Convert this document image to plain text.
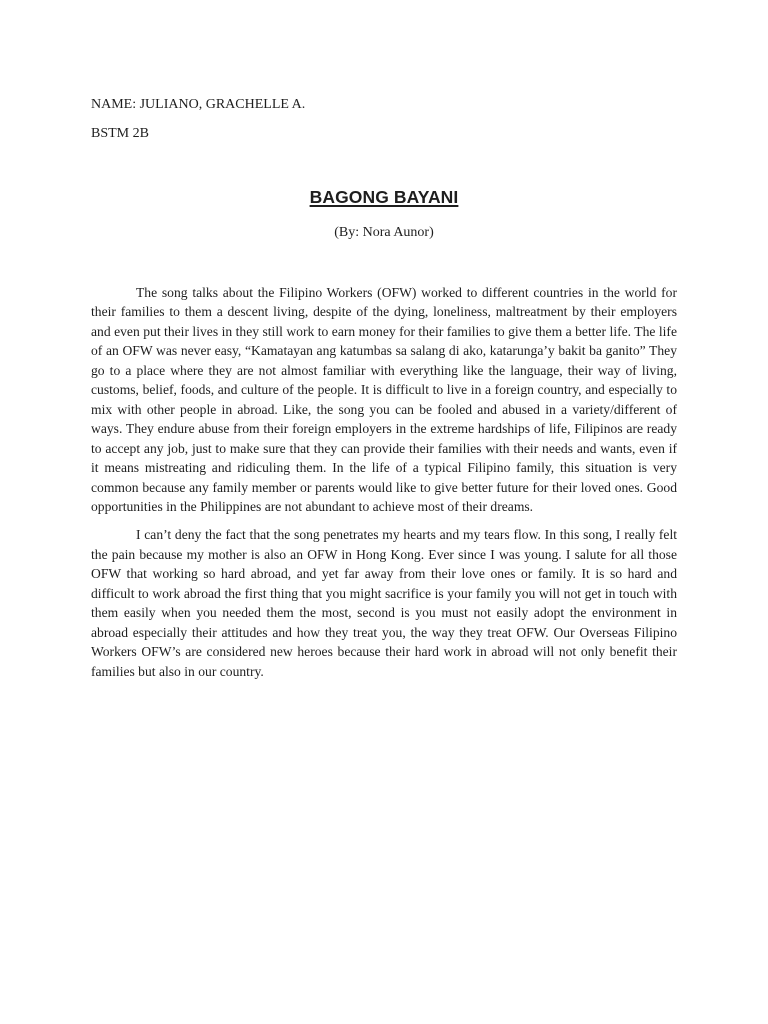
NAME: JULIANO, GRACHELLE A.
BSTM 2B
BAGONG BAYANI
(By: Nora Aunor)

The song talks about the Filipino Workers (OFW) worked to different countries in the world for their families to them a descent living, despite of the dying, loneliness, maltreatment by their employers and even put their lives in they still work to earn money for their families to give them a better life. The life of an OFW was never easy, “Kamatayan ang katumbas sa salang di ako, katarunga’y bakit ba ganito” They go to a place where they are not almost familiar with everything like the language, their way of living, customs, belief, foods, and culture of the people. It is difficult to live in a foreign country, and especially to mix with other people in abroad. Like, the song you can be fooled and abused in a variety/different of ways. They endure abuse from their foreign employers in the extreme hardships of life, Filipinos are ready to accept any job, just to make sure that they can provide their families with their needs and wants, even if it means mistreating and ridiculing them. In the life of a typical Filipino family, this situation is very common because any family member or parents would like to give better future for their loved ones. Good opportunities in the Philippines are not abundant to achieve most of their dreams.

I can’t deny the fact that the song penetrates my hearts and my tears flow. In this song, I really felt the pain because my mother is also an OFW in Hong Kong. Ever since I was young. I salute for all those OFW that working so hard abroad, and yet far away from their love ones or family. It is so hard and difficult to work abroad the first thing that you might sacrifice is your family you will not get in touch with them easily when you needed them the most, second is you must not easily adopt the environment in abroad especially their attitudes and how they treat you, the way they treat OFW. Our Overseas Filipino Workers OFW’s are considered new heroes because their hard work in abroad will not only benefit their families but also in our country.
